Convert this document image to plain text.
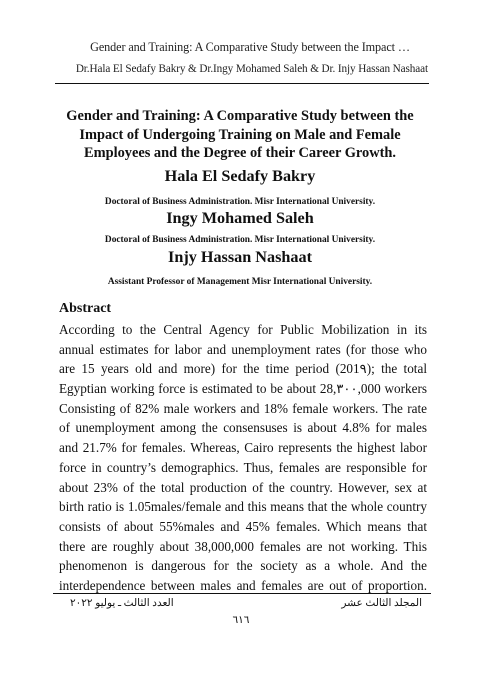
Gender and Training: A Comparative Study between the Impact …
Dr.Hala El Sedafy Bakry & Dr.Ingy Mohamed Saleh & Dr. Injy Hassan Nashaat
Gender and Training: A Comparative Study between the
Impact of Undergoing Training on Male and Female
Employees and the Degree of their Career Growth.
Hala El Sedafy Bakry
Doctoral of Business Administration. Misr International University.
Ingy Mohamed Saleh
Doctoral of Business Administration. Misr International University.
Injy Hassan Nashaat
Assistant Professor of Management Misr International University.
Abstract
According to the Central Agency for Public Mobilization in its
annual estimates for labor and unemployment rates (for those who
are 15 years old and more) for the time period (201٩); the total
Egyptian working force is estimated to be about 28,٣٠٠,000 workers
Consisting of 82% male workers and 18% female workers. The rate
of unemployment among the consensuses is about 4.8% for males
and 21.7% for females. Whereas, Cairo represents the highest labor
force in country’s demographics. Thus, females are responsible for
about 23% of the total production of the country. However, sex at
birth ratio is 1.05males/female and this means that the whole country
consists of about 55%males and 45% females. Which means that
there are roughly about 38,000,000 females are not working. This
phenomenon is dangerous for the society as a whole. And the
interdependence between males and females are out of proportion.
المجلد الثالث عشر
العدد الثالث ـ يوليو ٢٠٢٢
٦١٦
